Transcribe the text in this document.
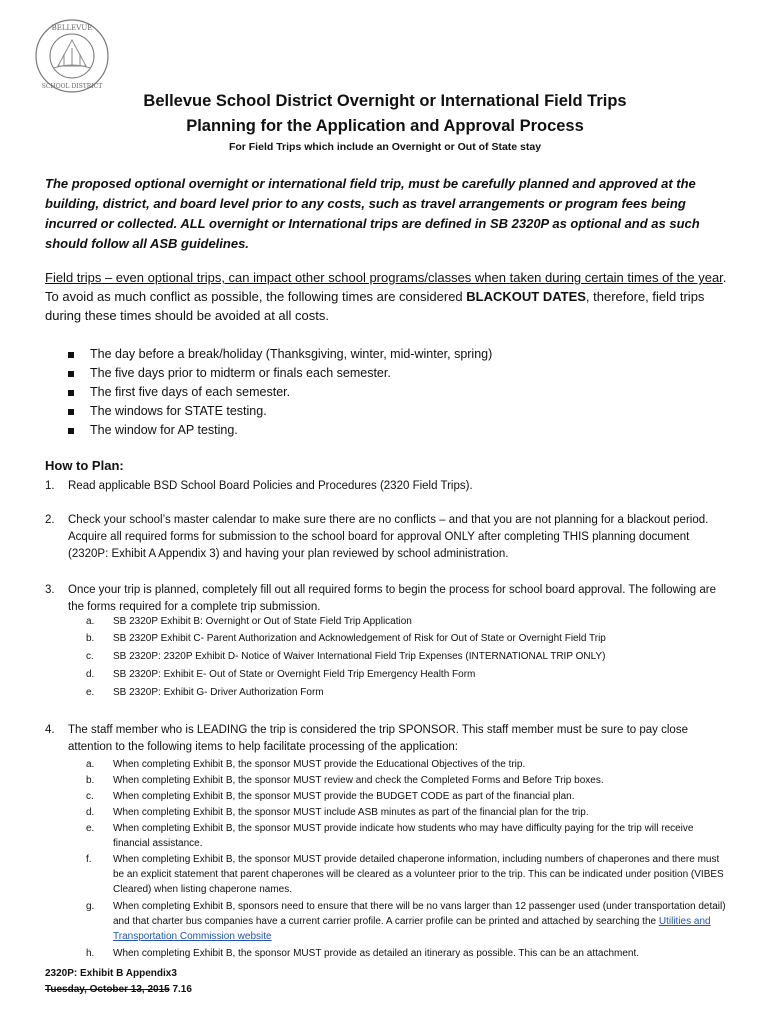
BELLEVUE
SCHOOL DISTRICT
Bellevue School District Overnight or International Field Trips
Planning for the Application and Approval Process
For Field Trips which include an Overnight or Out of State stay
The proposed optional overnight or international field trip, must be carefully planned and approved at the building, district, and board level prior to any costs, such as travel arrangements or program fees being incurred or collected. ALL overnight or International trips are defined in SB 2320P as optional and as such should follow all ASB guidelines.
Field trips – even optional trips, can impact other school programs/classes when taken during certain times of the year. To avoid as much conflict as possible, the following times are considered BLACKOUT DATES, therefore, field trips during these times should be avoided at all costs.
The day before a break/holiday (Thanksgiving, winter, mid-winter, spring)
The five days prior to midterm or finals each semester.
The first five days of each semester.
The windows for STATE testing.
The window for AP testing.
How to Plan:
1. Read applicable BSD School Board Policies and Procedures (2320 Field Trips).
2. Check your school’s master calendar to make sure there are no conflicts – and that you are not planning for a blackout period. Acquire all required forms for submission to the school board for approval ONLY after completing THIS planning document (2320P: Exhibit A Appendix 3) and having your plan reviewed by school administration.
3. Once your trip is planned, completely fill out all required forms to begin the process for school board approval. The following are the forms required for a complete trip submission.
a. SB 2320P Exhibit B: Overnight or Out of State Field Trip Application
b. SB 2320P Exhibit C- Parent Authorization and Acknowledgement of Risk for Out of State or Overnight Field Trip
c. SB 2320P: 2320P Exhibit D- Notice of Waiver International Field Trip Expenses (INTERNATIONAL TRIP ONLY)
d. SB 2320P: Exhibit E- Out of State or Overnight Field Trip Emergency Health Form
e. SB 2320P: Exhibit G- Driver Authorization Form
4. The staff member who is LEADING the trip is considered the trip SPONSOR. This staff member must be sure to pay close attention to the following items to help facilitate processing of the application:
a. When completing Exhibit B, the sponsor MUST provide the Educational Objectives of the trip.
b. When completing Exhibit B, the sponsor MUST review and check the Completed Forms and Before Trip boxes.
c. When completing Exhibit B, the sponsor MUST provide the BUDGET CODE as part of the financial plan.
d. When completing Exhibit B, the sponsor MUST include ASB minutes as part of the financial plan for the trip.
e. When completing Exhibit B, the sponsor MUST provide indicate how students who may have difficulty paying for the trip will receive financial assistance.
f. When completing Exhibit B, the sponsor MUST provide detailed chaperone information, including numbers of chaperones and there must be an explicit statement that parent chaperones will be cleared as a volunteer prior to the trip. This can be indicated under position (VIBES Cleared) when listing chaperone names.
g. When completing Exhibit B, sponsors need to ensure that there will be no vans larger than 12 passenger used (under transportation detail) and that charter bus companies have a current carrier profile. A carrier profile can be printed and attached by searching the Utilities and Transportation Commission website
h. When completing Exhibit B, the sponsor MUST provide as detailed an itinerary as possible. This can be an attachment.
2320P: Exhibit B Appendix3
Tuesday, October 13, 2015 7.16
